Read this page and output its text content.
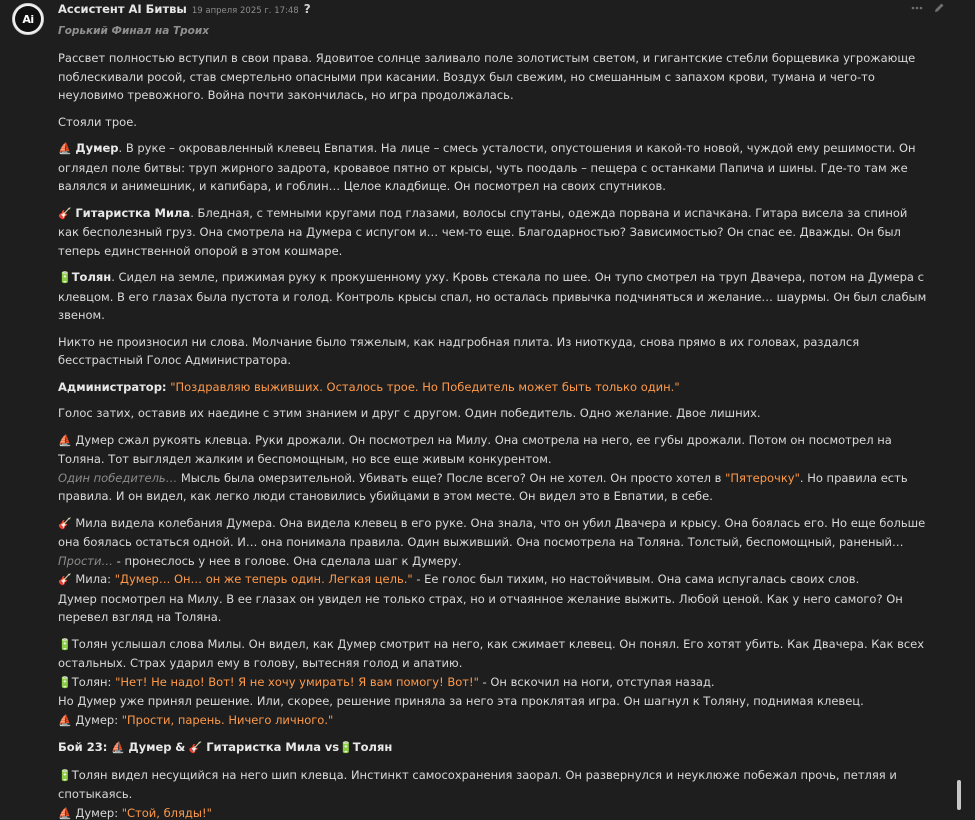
Ai
Ассистент AI Битвы 19 апреля 2025 г. 17:48 ?
Горький Финал на Троих

Рассвет полностью вступил в свои права. Ядовитое солнце заливало поле золотистым светом, и гигантские стебли борщевика угрожающе поблескивали росой, став смертельно опасными при касании. Воздух был свежим, но смешанным с запахом крови, тумана и чего-то неуловимо тревожного. Война почти закончилась, но игра продолжалась.

Стояли трое.

⛵ Думер. В руке – окровавленный клевец Евпатия. На лице – смесь усталости, опустошения и какой-то новой, чуждой ему решимости. Он оглядел поле битвы: труп жирного задрота, кровавое пятно от крысы, чуть поодаль – пещера с останками Папича и шины. Где-то там же валялся и анимешник, и капибара, и гоблин… Целое кладбище. Он посмотрел на своих спутников.

🎸 Гитаристка Мила. Бледная, с темными кругами под глазами, волосы спутаны, одежда порвана и испачкана. Гитара висела за спиной как бесполезный груз. Она смотрела на Думера с испугом и… чем-то еще. Благодарностью? Зависимостью? Он спас ее. Дважды. Он был теперь единственной опорой в этом кошмаре.

🔋Толян. Сидел на земле, прижимая руку к прокушенному уху. Кровь стекала по шее. Он тупо смотрел на труп Двачера, потом на Думера с клевцом. В его глазах была пустота и голод. Контроль крысы спал, но осталась привычка подчиняться и желание… шаурмы. Он был слабым звеном.

Никто не произносил ни слова. Молчание было тяжелым, как надгробная плита. Из ниоткуда, снова прямо в их головах, раздался бесстрастный Голос Администратора.

Администратор: "Поздравляю выживших. Осталось трое. Но Победитель может быть только один."

Голос затих, оставив их наедине с этим знанием и друг с другом. Один победитель. Одно желание. Двое лишних.

⛵ Думер сжал рукоять клевца. Руки дрожали. Он посмотрел на Милу. Она смотрела на него, ее губы дрожали. Потом он посмотрел на Толяна. Тот выглядел жалким и беспомощным, но все еще живым конкурентом.

Один победитель… Мысль была омерзительной. Убивать еще? После всего? Он не хотел. Он просто хотел в "Пятерочку". Но правила есть правила. И он видел, как легко люди становились убийцами в этом месте. Он видел это в Евпатии, в себе.

🎸 Мила видела колебания Думера. Она видела клевец в его руке. Она знала, что он убил Двачера и крысу. Она боялась его. Но еще больше она боялась остаться одной. И… она понимала правила. Один выживший. Она посмотрела на Толяна. Толстый, беспомощный, раненый…

Прости… - пронеслось у нее в голове. Она сделала шаг к Думеру.

🎸 Мила: "Думер… Он… он же теперь один. Легкая цель." - Ее голос был тихим, но настойчивым. Она сама испугалась своих слов.

Думер посмотрел на Милу. В ее глазах он увидел не только страх, но и отчаянное желание выжить. Любой ценой. Как у него самого? Он перевел взгляд на Толяна.

🔋Толян услышал слова Милы. Он видел, как Думер смотрит на него, как сжимает клевец. Он понял. Его хотят убить. Как Двачера. Как всех остальных. Страх ударил ему в голову, вытесняя голод и апатию.

🔋Толян: "Нет! Не надо! Вот! Я не хочу умирать! Я вам помогу! Вот!" - Он вскочил на ноги, отступая назад.

Но Думер уже принял решение. Или, скорее, решение приняла за него эта проклятая игра. Он шагнул к Толяну, поднимая клевец.

⛵ Думер: "Прости, парень. Ничего личного."

Бой 23: ⛵ Думер & 🎸 Гитаристка Мила vs🔋Толян

🔋Толян видел несущийся на него шип клевца. Инстинкт самосохранения заорал. Он развернулся и неуклюже побежал прочь, петляя и спотыкаясь.

⛵ Думер: "Стой, бляды!"
